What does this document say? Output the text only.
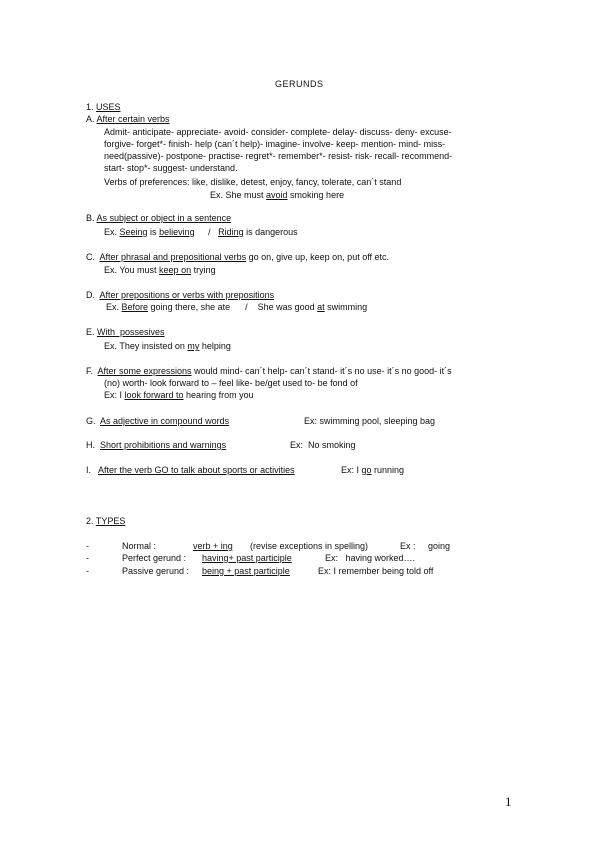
GERUNDS
1. USES
A. After certain verbs
Admit- anticipate- appreciate- avoid- consider- complete- delay- discuss- deny- excuse-
forgive- forget*- finish- help (can´t help)- imagine- involve- keep- mention- mind- miss-
need(passive)- postpone- practise- regret*- remember*- resist- risk- recall- recommend-
start- stop*- suggest- understand.
Verbs of preferences: like, dislike, detest, enjoy, fancy, tolerate, can´t stand
Ex. She must avoid smoking here
B. As subject or object in a sentence
Ex. Seeing is believing   /   Riding is dangerous
C.  After phrasal and prepositional verbs go on, give up, keep on, put off etc.
Ex. You must keep on trying
D.  After prepositions or verbs with prepositions
Ex. Before going there, she ate      /    She was good at swimming
E. With  possesives
Ex. They insisted on my helping
F.  After some expressions would mind- can´t help- can´t stand- it´s no use- it´s no good- it´s
(no) worth- look forward to – feel like- be/get used to- be fond of
Ex: I look forward to hearing from you
G.  As adjective in compound words	Ex: swimming pool, sleeping bag
H.  Short prohibitions and warnings	Ex:  No smoking
I.   After the verb GO to talk about sports or activities	Ex: I go running
2. TYPES
-	Normal :	verb + ing (revise exceptions in spelling)	Ex :     going
-	Perfect gerund : having+ past participle	Ex:   having worked….
-	Passive gerund : being + past participle	Ex: I remember being told off
1
